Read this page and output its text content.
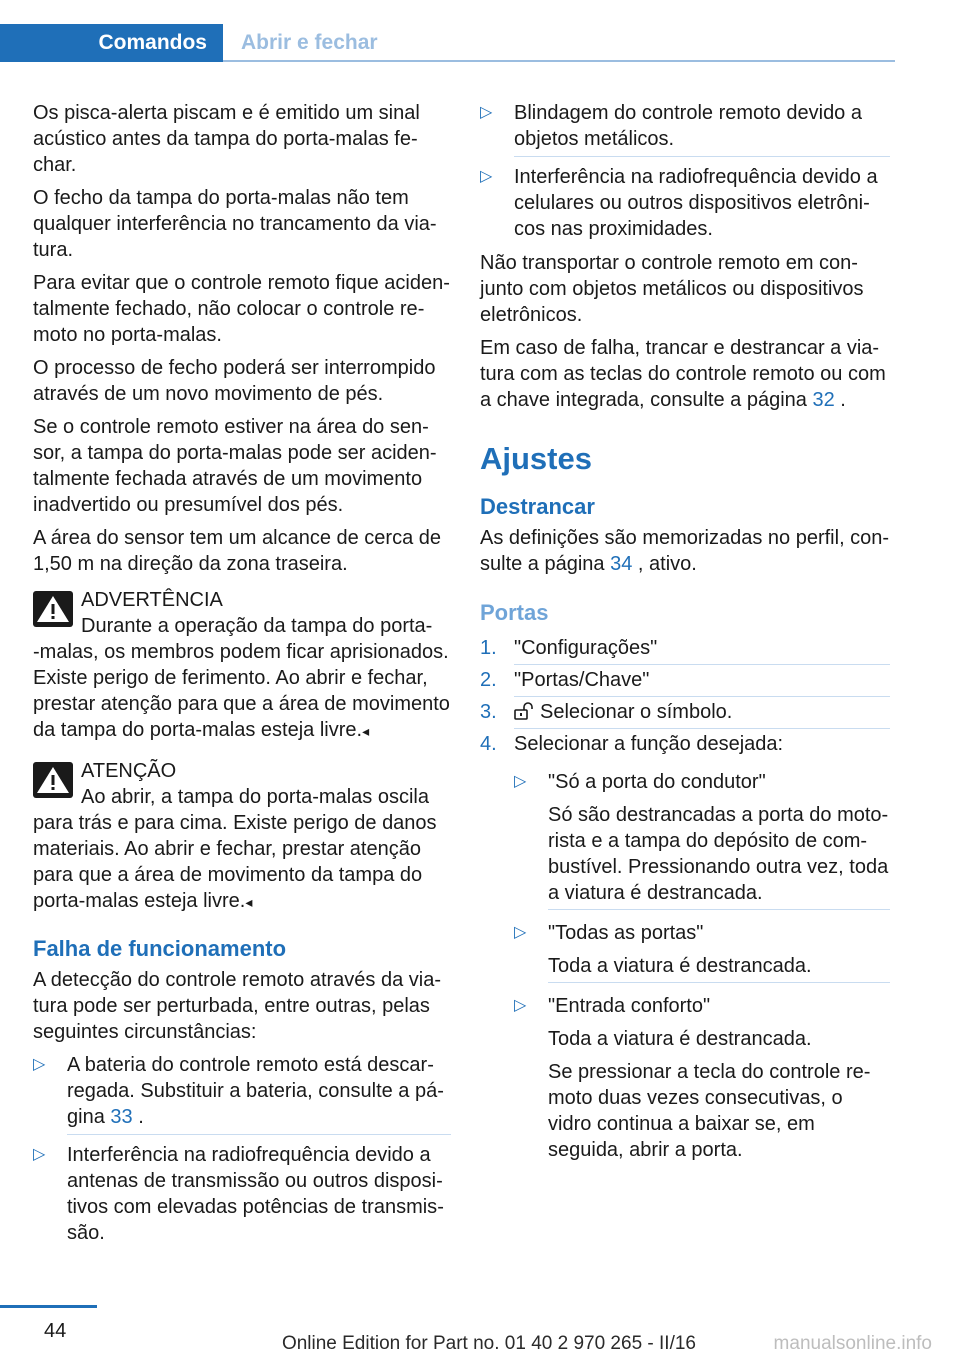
Comandos	Abrir e fechar

Os pisca-alerta piscam e é emitido um sinal acústico antes da tampa do porta-malas fechar.

O fecho da tampa do porta-malas não tem qualquer interferência no trancamento da viatura.

Para evitar que o controle remoto fique acidentalmente fechado, não colocar o controle remoto no porta-malas.

O processo de fecho poderá ser interrompido através de um novo movimento de pés.

Se o controle remoto estiver na área do sensor, a tampa do porta-malas pode ser acidentalmente fechada através de um movimento inadvertido ou presumível dos pés.

A área do sensor tem um alcance de cerca de 1,50 m na direção da zona traseira.

ADVERTÊNCIA
Durante a operação da tampa do porta-
-malas, os membros podem ficar aprisionados. Existe perigo de ferimento. Ao abrir e fechar, prestar atenção para que a área de movimento da tampa do porta-malas esteja livre.◂
ATENÇÃO
Ao abrir, a tampa do porta-malas oscila
para trás e para cima. Existe perigo de danos materiais. Ao abrir e fechar, prestar atenção para que a área de movimento da tampa do porta-malas esteja livre.◂
Falha de funcionamento

A detecção do controle remoto através da viatura pode ser perturbada, entre outras, pelas seguintes circunstâncias:

▷ A bateria do controle remoto está descarregada. Substituir a bateria, consulte a página 33 .
▷ Interferência na radiofrequência devido a antenas de transmissão ou outros dispositivos com elevadas potências de transmissão.
▷ Blindagem do controle remoto devido a objetos metálicos.
▷ Interferência na radiofrequência devido a celulares ou outros dispositivos eletrônicos nas proximidades.

Não transportar o controle remoto em conjunto com objetos metálicos ou dispositivos eletrônicos.

Em caso de falha, trancar e destrancar a viatura com as teclas do controle remoto ou com a chave integrada, consulte a página 32 .

Ajustes
Destrancar

As definições são memorizadas no perfil, consulte a página 34 , ativo.

Portas
1. "Configurações"
2. "Portas/Chave"
3. Selecionar o símbolo.
4. Selecionar a função desejada:
▷ "Só a porta do condutor"
Só são destrancadas a porta do motorista e a tampa do depósito de combustível. Pressionando outra vez, toda a viatura é destrancada.
▷ "Todas as portas"
Toda a viatura é destrancada.
▷ "Entrada conforto"
Toda a viatura é destrancada.
Se pressionar a tecla do controle remoto duas vezes consecutivas, o vidro continua a baixar se, em seguida, abrir a porta.
44
Online Edition for Part no. 01 40 2 970 265 - II/16	manualsonline.info
